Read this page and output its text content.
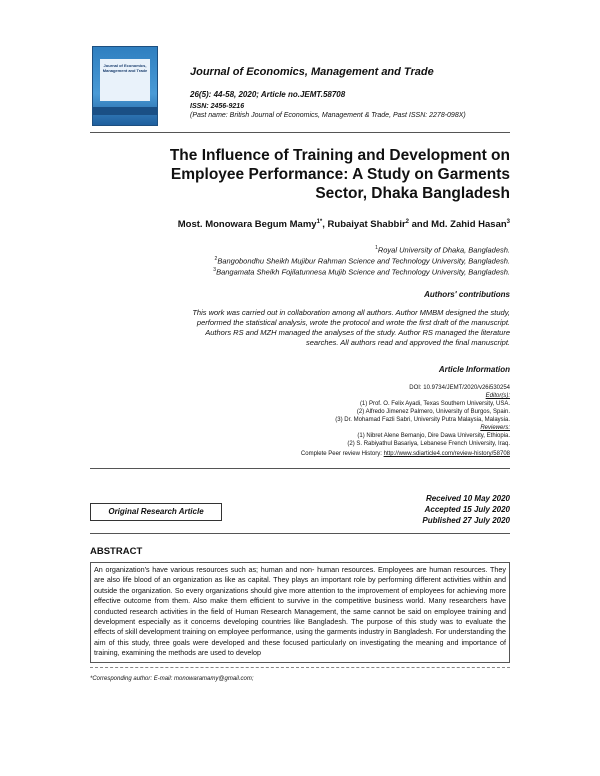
Journal of Economics, Management and Trade	Journal of Economics, Management and Trade
26(5): 44-58, 2020; Article no.JEMT.58708
ISSN: 2456-9216
(Past name: British Journal of Economics, Management & Trade, Past ISSN: 2278-098X)
The Influence of Training and Development on
Employee Performance: A Study on Garments
Sector, Dhaka Bangladesh
Most. Monowara Begum Mamy$^{1*}$, Rubaiyat Shabbir$^2$ and Md. Zahid Hasan$^3$
$^1$Royal University of Dhaka, Bangladesh.
$^2$Bangobondhu Sheikh Mujibur Rahman Science and Technology University, Bangladesh.
$^3$Bangamata Sheikh Fojilatunnesa Mujib Science and Technology University, Bangladesh.
Authors' contributions
This work was carried out in collaboration among all authors. Author MMBM designed the study,
performed the statistical analysis, wrote the protocol and wrote the first draft of the manuscript.
Authors RS and MZH managed the analyses of the study. Author RS managed the literature
searches. All authors read and approved the final manuscript.
Article Information
DOI: 10.9734/JEMT/2020/v26i530254
Editor(s):
(1) Prof. O. Felix Ayadi, Texas Southern University, USA.
(2) Alfredo Jimenez Palmero, University of Burgos, Spain.
(3) Dr. Mohamad Fazli Sabri, University Putra Malaysia, Malaysia.
Reviewers:
(1) Nibret Alene Bemanjo, Dire Dawa University, Ethiopia.
(2) S. Rabiyathul Basariya, Lebanese French University, Iraq.
Complete Peer review History: http://www.sdiarticle4.com/review-history/58708
Original Research Article
Received 10 May 2020
Accepted 15 July 2020
Published 27 July 2020
ABSTRACT
An organization's have various resources such as; human and non- human resources. Employees are human resources. They are also life blood of an organization as like as capital. They plays an important role by performing different activities within and outside the organization. So every organizations should give more attention to the improvement of employees for achieving more effective outcome from them. Also make them efficient to survive in the competitive business world. Many researchers have conducted research activities in the field of Human Research Management, the same cannot be said on employee training and development especially as it concerns developing countries like Bangladesh. The purpose of this study was to evaluate the effects of skill development training on employee performance, using the garments industry in Bangladesh. For understanding the aim of this study, three goals were developed and these focused particularly on investigating the meaning and importance of training, examining the methods are used to develop
*Corresponding author: E-mail: monowaramamy@gmail.com;
